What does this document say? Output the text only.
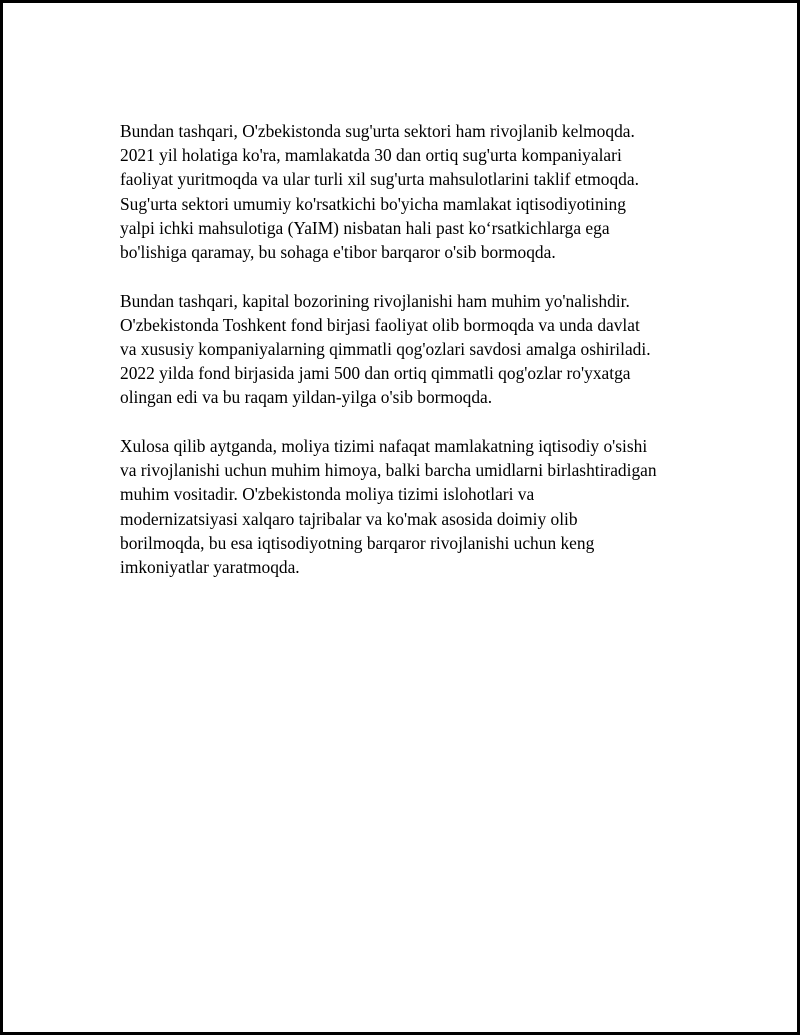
Bundan tashqari, O'zbekistonda sug'urta sektori ham rivojlanib kelmoqda.
2021 yil holatiga ko'ra, mamlakatda 30 dan ortiq sug'urta kompaniyalari
faoliyat yuritmoqda va ular turli xil sug'urta mahsulotlarini taklif etmoqda.
Sug'urta sektori umumiy ko'rsatkichi bo'yicha mamlakat iqtisodiyotining
yalpi ichki mahsulotiga (YaIM) nisbatan hali past ko‘rsatkichlarga ega
bo'lishiga qaramay, bu sohaga e'tibor barqaror o'sib bormoqda.

Bundan tashqari, kapital bozorining rivojlanishi ham muhim yo'nalishdir.
O'zbekistonda Toshkent fond birjasi faoliyat olib bormoqda va unda davlat
va xususiy kompaniyalarning qimmatli qog'ozlari savdosi amalga oshiriladi.
2022 yilda fond birjasida jami 500 dan ortiq qimmatli qog'ozlar ro'yxatga
olingan edi va bu raqam yildan-yilga o'sib bormoqda.

Xulosa qilib aytganda, moliya tizimi nafaqat mamlakatning iqtisodiy o'sishi
va rivojlanishi uchun muhim himoya, balki barcha umidlarni birlashtiradigan
muhim vositadir. O'zbekistonda moliya tizimi islohotlari va
modernizatsiyasi xalqaro tajribalar va ko'mak asosida doimiy olib
borilmoqda, bu esa iqtisodiyotning barqaror rivojlanishi uchun keng
imkoniyatlar yaratmoqda.
